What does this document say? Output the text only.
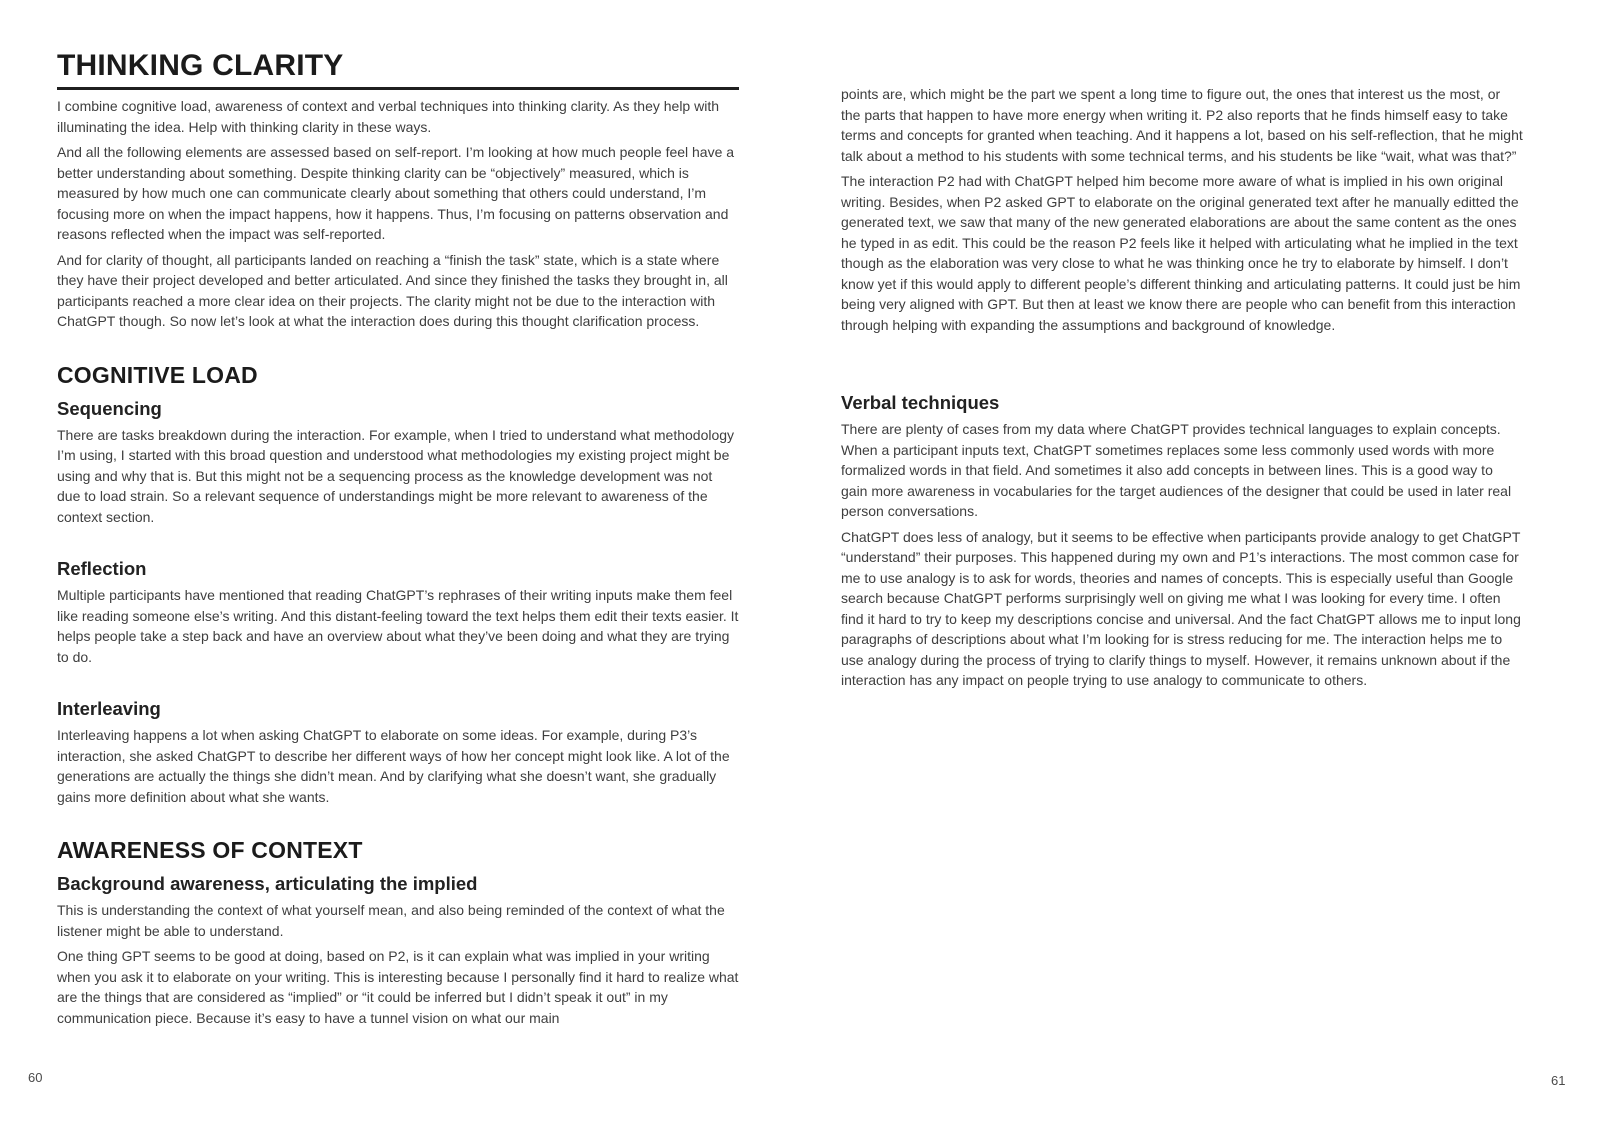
THINKING CLARITY

I combine cognitive load, awareness of context and verbal techniques into thinking clarity. As they help with illuminating the idea. Help with thinking clarity in these ways.

And all the following elements are assessed based on self-report. I’m looking at how much people feel have a better understanding about something. Despite thinking clarity can be “objectively” measured, which is measured by how much one can communicate clearly about something that others could understand, I’m focusing more on when the impact happens, how it happens. Thus, I’m focusing on patterns observation and reasons reflected when the impact was self-reported.

And for clarity of thought, all participants landed on reaching a “finish the task” state, which is a state where they have their project developed and better articulated. And since they finished the tasks they brought in, all participants reached a more clear idea on their projects. The clarity might not be due to the interaction with ChatGPT though. So now let’s look at what the interaction does during this thought clarification process.

COGNITIVE LOAD
Sequencing

There are tasks breakdown during the interaction. For example, when I tried to understand what methodology I’m using, I started with this broad question and understood what methodologies my existing project might be using and why that is. But this might not be a sequencing process as the knowledge development was not due to load strain. So a relevant sequence of understandings might be more relevant to awareness of the context section.

Reflection

Multiple participants have mentioned that reading ChatGPT’s rephrases of their writing inputs make them feel like reading someone else’s writing. And this distant-feeling toward the text helps them edit their texts easier. It helps people take a step back and have an overview about what they’ve been doing and what they are trying to do.

Interleaving

Interleaving happens a lot when asking ChatGPT to elaborate on some ideas. For example, during P3’s interaction, she asked ChatGPT to describe her different ways of how her concept might look like. A lot of the generations are actually the things she didn’t mean. And by clarifying what she doesn’t want, she gradually gains more definition about what she wants.

AWARENESS OF CONTEXT
Background awareness, articulating the implied

This is understanding the context of what yourself mean, and also being reminded of the context of what the listener might be able to understand.

One thing GPT seems to be good at doing, based on P2, is it can explain what was implied in your writing when you ask it to elaborate on your writing. This is interesting because I personally find it hard to realize what are the things that are considered as “implied” or “it could be inferred but I didn’t speak it out” in my communication piece. Because it’s easy to have a tunnel vision on what our main

points are, which might be the part we spent a long time to figure out, the ones that interest us the most, or the parts that happen to have more energy when writing it. P2 also reports that he finds himself easy to take terms and concepts for granted when teaching. And it happens a lot, based on his self-reflection, that he might talk about a method to his students with some technical terms, and his students be like “wait, what was that?”

The interaction P2 had with ChatGPT helped him become more aware of what is implied in his own original writing. Besides, when P2 asked GPT to elaborate on the original generated text after he manually editted the generated text, we saw that many of the new generated elaborations are about the same content as the ones he typed in as edit. This could be the reason P2 feels like it helped with articulating what he implied in the text though as the elaboration was very close to what he was thinking once he try to elaborate by himself. I don’t know yet if this would apply to different people’s different thinking and articulating patterns. It could just be him being very aligned with GPT. But then at least we know there are people who can benefit from this interaction through helping with expanding the assumptions and background of knowledge.

Verbal techniques

There are plenty of cases from my data where ChatGPT provides technical languages to explain concepts. When a participant inputs text, ChatGPT sometimes replaces some less commonly used words with more formalized words in that field. And sometimes it also add concepts in between lines. This is a good way to gain more awareness in vocabularies for the target audiences of the designer that could be used in later real person conversations.

ChatGPT does less of analogy, but it seems to be effective when participants provide analogy to get ChatGPT “understand” their purposes. This happened during my own and P1’s interactions. The most common case for me to use analogy is to ask for words, theories and names of concepts. This is especially useful than Google search because ChatGPT performs surprisingly well on giving me what I was looking for every time. I often find it hard to try to keep my descriptions concise and universal. And the fact ChatGPT allows me to input long paragraphs of descriptions about what I’m looking for is stress reducing for me. The interaction helps me to use analogy during the process of trying to clarify things to myself. However, it remains unknown about if the interaction has any impact on people trying to use analogy to communicate to others.

60	61
